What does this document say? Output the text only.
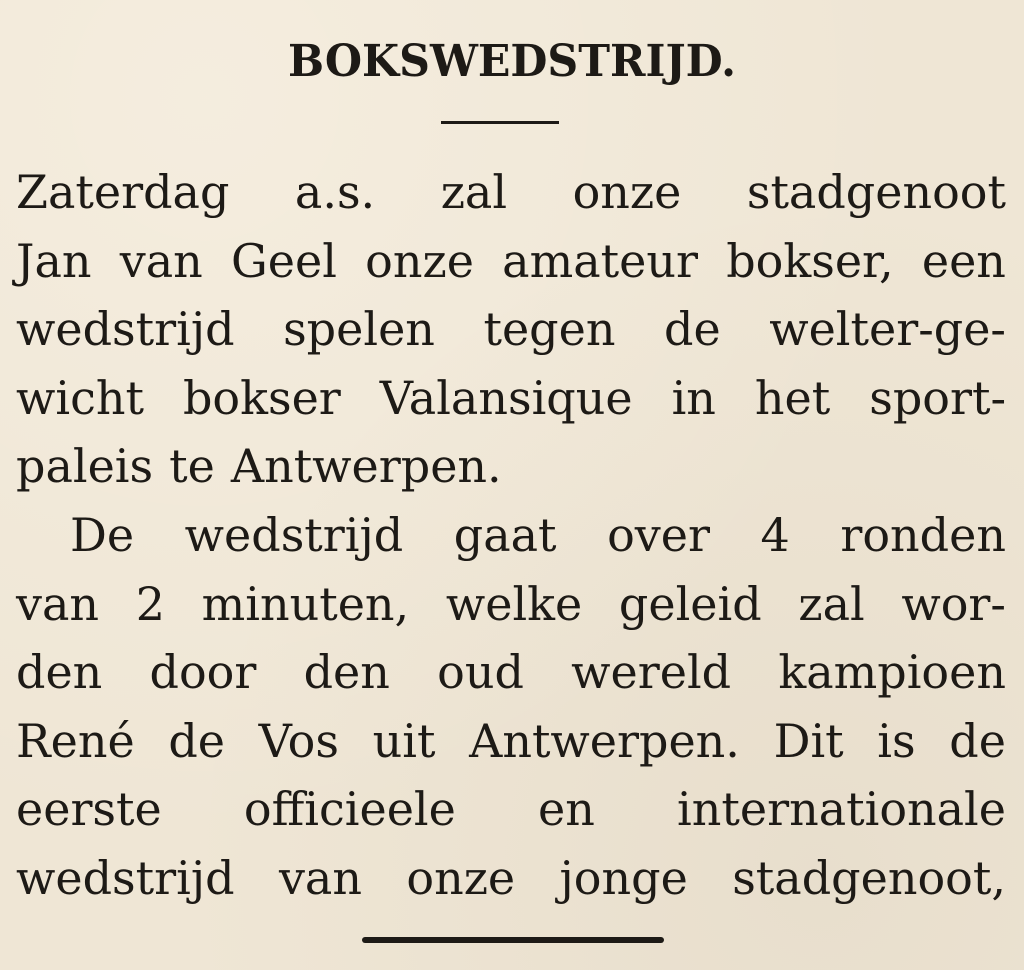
BOKSWEDSTRIJD.
Zaterdag a.s. zal onze stadgenoot
Jan van Geel onze amateur bokser, een
wedstrijd spelen tegen de welter-ge-
wicht bokser Valansique in het sport-
paleis te Antwerpen.
De wedstrijd gaat over 4 ronden
van 2 minuten, welke geleid zal wor-
den door den oud wereld kampioen
René de Vos uit Antwerpen. Dit is de
eerste officieele en internationale
wedstrijd van onze jonge stadgenoot,
